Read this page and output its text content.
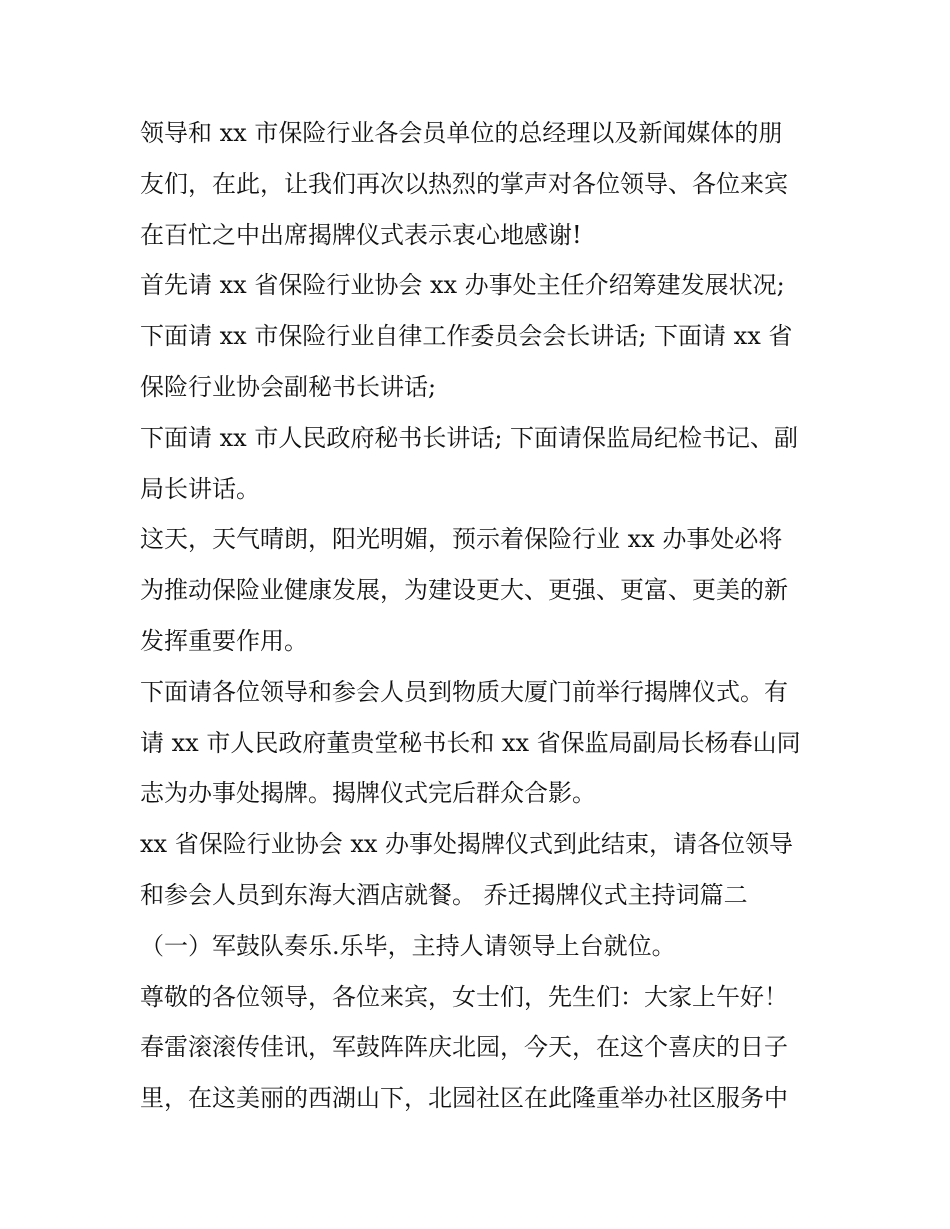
领导和 xx 市保险行业各会员单位的总经理以及新闻媒体的朋
友们，在此，让我们再次以热烈的掌声对各位领导、各位来宾
在百忙之中出席揭牌仪式表示衷心地感谢!
首先请 xx 省保险行业协会 xx 办事处主任介绍筹建发展状况;
下面请 xx 市保险行业自律工作委员会会长讲话; 下面请 xx 省
保险行业协会副秘书长讲话;
下面请 xx 市人民政府秘书长讲话; 下面请保监局纪检书记、副
局长讲话。
这天，天气晴朗，阳光明媚，预示着保险行业 xx 办事处必将
为推动保险业健康发展，为建设更大、更强、更富、更美的新
发挥重要作用。
下面请各位领导和参会人员到物质大厦门前举行揭牌仪式。有
请 xx 市人民政府董贵堂秘书长和 xx 省保监局副局长杨春山同
志为办事处揭牌。揭牌仪式完后群众合影。
xx 省保险行业协会 xx 办事处揭牌仪式到此结束，请各位领导
和参会人员到东海大酒店就餐。 乔迁揭牌仪式主持词篇二
（一）军鼓队奏乐.乐毕，主持人请领导上台就位。
尊敬的各位领导，各位来宾，女士们，先生们：大家上午好！
春雷滚滚传佳讯，军鼓阵阵庆北园，今天，在这个喜庆的日子
里，在这美丽的西湖山下，北园社区在此隆重举办社区服务中
